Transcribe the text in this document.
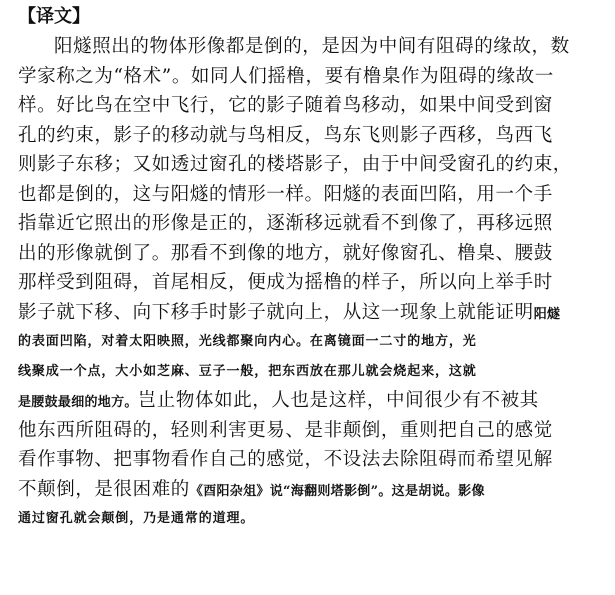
【译文】
阳燧照出的物体形像都是倒的，是因为中间有阻碍的缘故，数
学家称之为“格术”。如同人们摇橹，要有橹臬作为阻碍的缘故一
样。好比鸟在空中飞行，它的影子随着鸟移动，如果中间受到窗
孔的约束，影子的移动就与鸟相反，鸟东飞则影子西移，鸟西飞
则影子东移；又如透过窗孔的楼塔影子，由于中间受窗孔的约束，
也都是倒的，这与阳燧的情形一样。阳燧的表面凹陷，用一个手
指靠近它照出的形像是正的，逐渐移远就看不到像了，再移远照
出的形像就倒了。那看不到像的地方，就好像窗孔、橹臬、腰鼓
那样受到阻碍，首尾相反，便成为摇橹的样子，所以向上举手时
影子就下移、向下移手时影子就向上，从这一现象上就能证明阳燧
的表面凹陷，对着太阳映照，光线都聚向内心。在离镜面一二寸的地方，光
线聚成一个点，大小如芝麻、豆子一般，把东西放在那儿就会烧起来，这就
是腰鼓最细的地方。岂止物体如此，人也是这样，中间很少有不被其
他东西所阻碍的，轻则利害更易、是非颠倒，重则把自己的感觉
看作事物、把事物看作自己的感觉，不设法去除阻碍而希望见解
不颠倒，是很困难的《酉阳杂俎》说“海翻则塔影倒”。这是胡说。影像
通过窗孔就会颠倒，乃是通常的道理。
